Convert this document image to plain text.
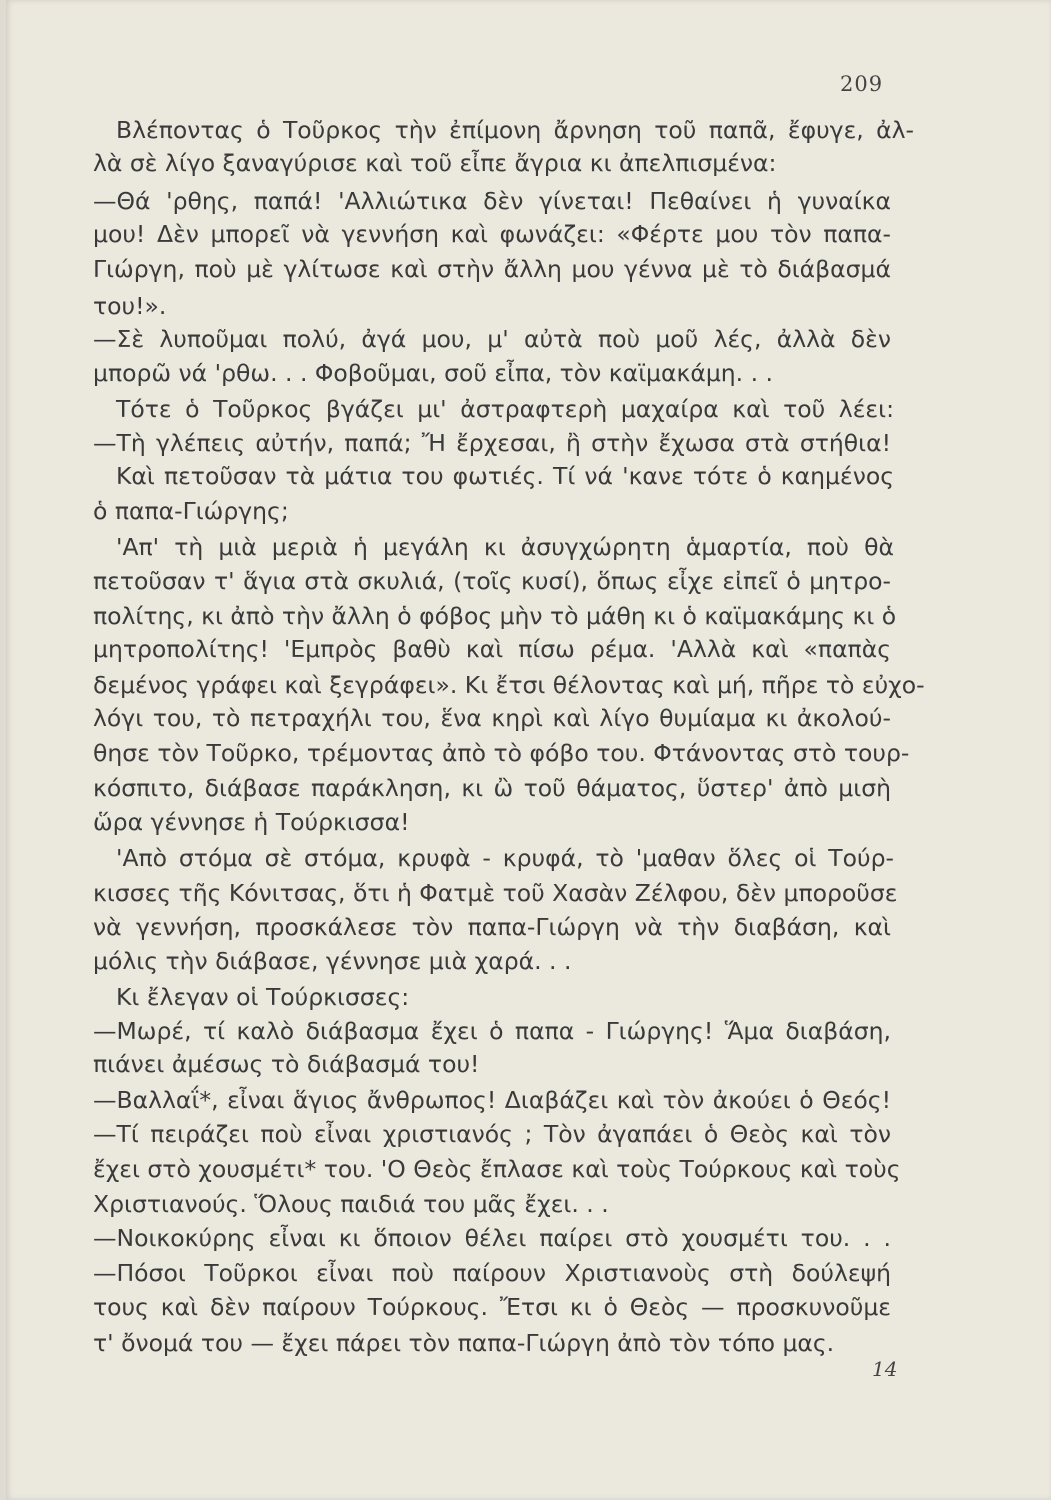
209
Βλέποντας ὁ Τοῦρκος τὴν ἐπίμονη ἄρνηση τοῦ παπᾶ, ἔφυγε, ἀλ-
λὰ σὲ λίγο ξαναγύρισε καὶ τοῦ εἶπε ἄγρια κι ἀπελπισμένα:
—Θά 'ρθης, παπά! 'Αλλιώτικα δὲν γίνεται! Πεθαίνει ἡ γυναίκα
μου! Δὲν μπορεῖ νὰ γεννήση καὶ φωνάζει: «Φέρτε μου τὸν παπα-
Γιώργη, ποὺ μὲ γλίτωσε καὶ στὴν ἄλλη μου γέννα μὲ τὸ διάβασμά
του!».
—Σὲ λυποῦμαι πολύ, ἀγά μου, μ' αὐτὰ ποὺ μοῦ λές, ἀλλὰ δὲν
μπορῶ νά 'ρθω. . . Φοβοῦμαι, σοῦ εἶπα, τὸν καϊμακάμη. . .
Τότε ὁ Τοῦρκος βγάζει μι' ἀστραφτερὴ μαχαίρα καὶ τοῦ λέει:
—Τὴ γλέπεις αὐτήν, παπά; Ἤ ἔρχεσαι, ἢ στὴν ἔχωσα στὰ στήθια!
Καὶ πετοῦσαν τὰ μάτια του φωτιές. Τί νά 'κανε τότε ὁ καημένος
ὁ παπα-Γιώργης;
'Απ' τὴ μιὰ μεριὰ ἡ μεγάλη κι ἀσυγχώρητη ἁμαρτία, ποὺ θὰ
πετοῦσαν τ' ἅγια στὰ σκυλιά, (τοῖς κυσί), ὅπως εἶχε εἰπεῖ ὁ μητρο-
πολίτης, κι ἀπὸ τὴν ἄλλη ὁ φόβος μὴν τὸ μάθη κι ὁ καϊμακάμης κι ὁ
μητροπολίτης! 'Εμπρὸς βαθὺ καὶ πίσω ρέμα. 'Αλλὰ καὶ «παπὰς
δεμένος γράφει καὶ ξεγράφει». Κι ἔτσι θέλοντας καὶ μή, πῆρε τὸ εὐχο-
λόγι του, τὸ πετραχήλι του, ἕνα κηρὶ καὶ λίγο θυμίαμα κι ἀκολού-
θησε τὸν Τοῦρκο, τρέμοντας ἀπὸ τὸ φόβο του. Φτάνοντας στὸ τουρ-
κόσπιτο, διάβασε παράκληση, κι ὢ τοῦ θάματος, ὕστερ' ἀπὸ μισὴ
ὥρα γέννησε ἡ Τούρκισσα!
'Απὸ στόμα σὲ στόμα, κρυφὰ - κρυφά, τὸ 'μαθαν ὅλες οἱ Τούρ-
κισσες τῆς Κόνιτσας, ὅτι ἡ Φατμὲ τοῦ Χασὰν Ζέλφου, δὲν μποροῦσε
νὰ γεννήση, προσκάλεσε τὸν παπα-Γιώργη νὰ τὴν διαβάση, καὶ
μόλις τὴν διάβασε, γέννησε μιὰ χαρά. . .
Κι ἔλεγαν οἱ Τούρκισσες:
—Μωρέ, τί καλὸ διάβασμα ἔχει ὁ παπα - Γιώργης! Ἅμα διαβάση,
πιάνει ἀμέσως τὸ διάβασμά του!
—Βαλλαΐ*, εἶναι ἅγιος ἄνθρωπος! Διαβάζει καὶ τὸν ἀκούει ὁ Θεός!
—Τί πειράζει ποὺ εἶναι χριστιανός ; Τὸν ἀγαπάει ὁ Θεὸς καὶ τὸν
ἔχει στὸ χουσμέτι* του. 'Ο Θεὸς ἔπλασε καὶ τοὺς Τούρκους καὶ τοὺς
Χριστιανούς. Ὅλους παιδιά του μᾶς ἔχει. . .
—Νοικοκύρης εἶναι κι ὅποιον θέλει παίρει στὸ χουσμέτι του. . .
—Πόσοι Τοῦρκοι εἶναι ποὺ παίρουν Χριστιανοὺς στὴ δούλεψή
τους καὶ δὲν παίρουν Τούρκους. Ἔτσι κι ὁ Θεὸς — προσκυνοῦμε
τ' ὄνομά του — ἔχει πάρει τὸν παπα-Γιώργη ἀπὸ τὸν τόπο μας.
14
